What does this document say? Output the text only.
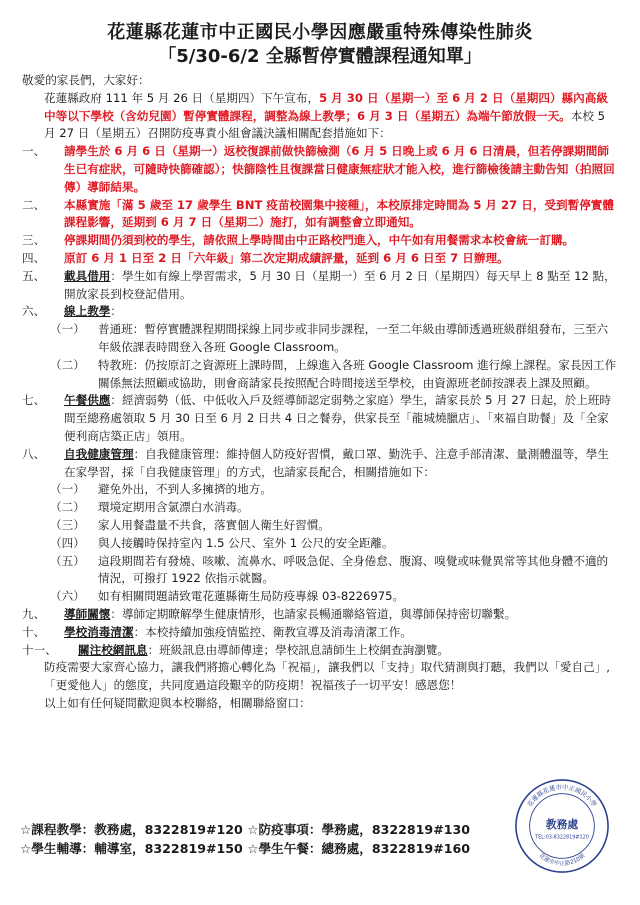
花蓮縣花蓮市中正國民小學因應嚴重特殊傳染性肺炎
「5/30-6/2 全縣暫停實體課程通知單」

敬愛的家長們，大家好：

花蓮縣政府 111 年 5 月 26 日（星期四）下午宣布，5 月 30 日（星期一）至 6 月 2 日（星期四）縣內高級中等以下學校（含幼兒園）暫停實體課程，調整為線上教學；6 月 3 日（星期五）為端午節放假一天。本校 5 月 27 日（星期五）召開防疫專責小組會議決議相關配套措施如下：

一、	請學生於 6 月 6 日（星期一）返校復課前做快篩檢測（6 月 5 日晚上或 6 月 6 日清晨，但若停課期間師生已有症狀，可隨時快篩確認）；快篩陰性且復課當日健康無症狀才能入校，進行篩檢後請主動告知（拍照回傳）導師結果。
二、	本縣實施「滿 5 歲至 17 歲學生 BNT 疫苗校園集中接種」，本校原排定時間為 5 月 27 日，受到暫停實體課程影響，延期到 6 月 7 日（星期二）施打，如有調整會立即通知。
三、	停課期間仍須到校的學生，請依照上學時間由中正路校門進入，中午如有用餐需求本校會統一訂購。
四、	原訂 6 月 1 日至 2 日「六年級」第二次定期成績評量，延到 6 月 6 日至 7 日辦理。
五、	載具借用：學生如有線上學習需求，5 月 30 日（星期一）至 6 月 2 日（星期四）每天早上 8 點至 12 點，開放家長到校登記借用。
六、	線上教學：
（一）	普通班：暫停實體課程期間採線上同步或非同步課程，一至二年級由導師透過班級群組發布，三至六年級依課表時間登入各班 Google Classroom。
（二）	特教班：仍按原訂之資源班上課時間，上線進入各班 Google Classroom 進行線上課程。家長因工作關係無法照顧或協助，則會商請家長按照配合時間接送至學校，由資源班老師按課表上課及照顧。
七、	午餐供應：經濟弱勢（低、中低收入戶及經導師認定弱勢之家庭）學生，請家長於 5 月 27 日起，於上班時間至總務處領取 5 月 30 日至 6 月 2 日共 4 日之餐券，供家長至「龍城燒臘店」、「來福自助餐」及「全家便利商店築正店」領用。
八、	自我健康管理：自我健康管理：維持個人防疫好習慣，戴口罩、勤洗手、注意手部清潔、量測體溫等，學生在家學習，採「自我健康管理」的方式，也請家長配合，相關措施如下：
（一）	避免外出，不到人多擁擠的地方。
（二）	環境定期用含氯漂白水消毒。
（三）	家人用餐盡量不共食，落實個人衛生好習慣。
（四）	與人接觸時保持室內 1.5 公尺、室外 1 公尺的安全距離。
（五）	這段期間若有發燒、咳嗽、流鼻水、呼吸急促、全身倦怠、腹瀉、嗅覺或味覺異常等其他身體不適的情況，可撥打 1922 依指示就醫。
（六）	如有相關問題請致電花蓮縣衛生局防疫專線 03-8226975。
九、	導師關懷：導師定期瞭解學生健康情形，也請家長暢通聯絡管道，與導師保持密切聯繫。
十、	學校消毒清潔：本校持續加強疫情監控、衛教宣導及消毒清潔工作。
十一、	關注校網訊息：班級訊息由導師傳達；學校訊息請師生上校網查詢瀏覽。

防疫需要大家齊心協力，讓我們將擔心轉化為「祝福」，讓我們以「支持」取代猜測與打聽，我們以「愛自己」,「更愛他人」的態度，共同度過這段艱辛的防疫期！祝福孩子一切平安！感恩您！

以上如有任何疑問歡迎與本校聯絡，相關聯絡窗口：

☆課程教學：教務處，8322819#120 ☆防疫事項：學務處，8322819#130

☆學生輔導：輔導室，8322819#150 ☆學生午餐：總務處，8322819#160

花蓮縣花蓮市中正國民小學
花蓮市中正路210號
教務處
TEL:03-8322819#120
